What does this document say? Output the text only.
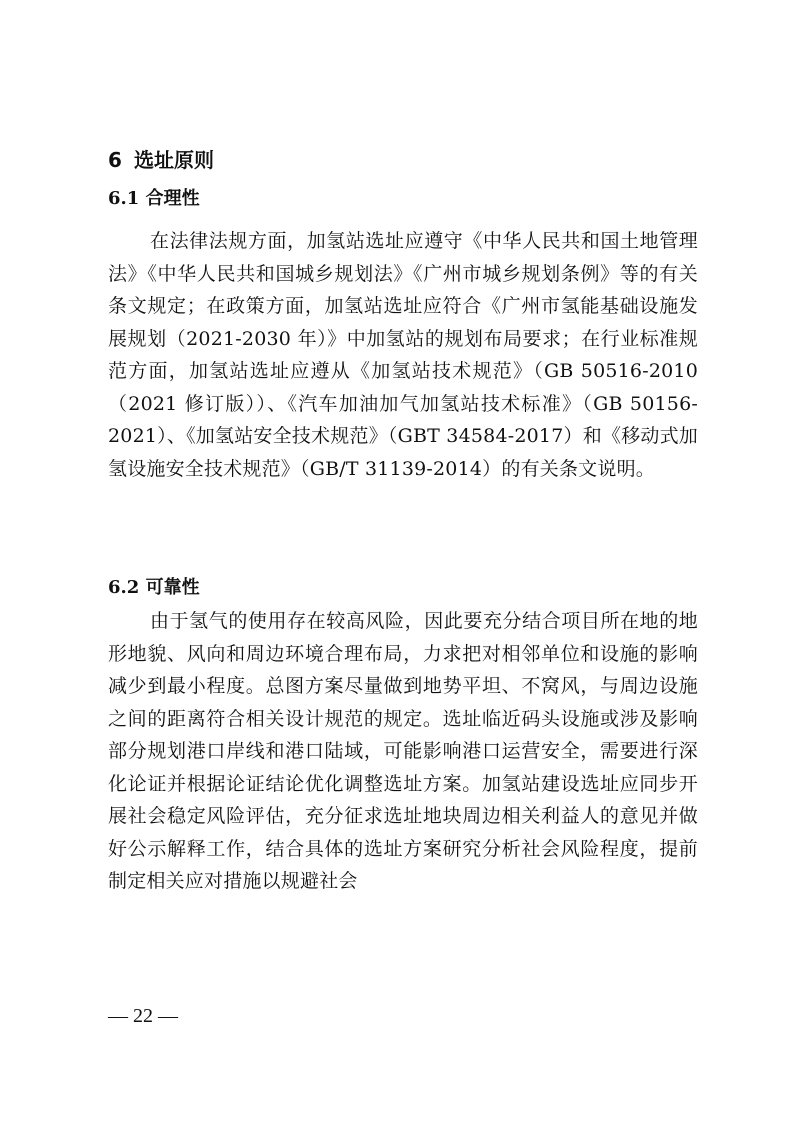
6 选址原则
6.1 合理性

在法律法规方面，加氢站选址应遵守《中华人民共和国土地管理法》《中华人民共和国城乡规划法》《广州市城乡规划条例》等的有关条文规定；在政策方面，加氢站选址应符合《广州市氢能基础设施发展规划（2021-2030 年）》中加氢站的规划布局要求；在行业标准规范方面，加氢站选址应遵从《加氢站技术规范》（GB 50516-2010（2021 修订版））、《汽车加油加气加氢站技术标准》（GB 50156-2021）、《加氢站安全技术规范》（GBT 34584-2017）和《移动式加氢设施安全技术规范》（GB/T 31139-2014）的有关条文说明。

6.2 可靠性

由于氢气的使用存在较高风险，因此要充分结合项目所在地的地形地貌、风向和周边环境合理布局，力求把对相邻单位和设施的影响减少到最小程度。总图方案尽量做到地势平坦、不窝风，与周边设施之间的距离符合相关设计规范的规定。选址临近码头设施或涉及影响部分规划港口岸线和港口陆域，可能影响港口运营安全，需要进行深化论证并根据论证结论优化调整选址方案。加氢站建设选址应同步开展社会稳定风险评估，充分征求选址地块周边相关利益人的意见并做好公示解释工作，结合具体的选址方案研究分析社会风险程度，提前制定相关应对措施以规避社会

— 22 —
